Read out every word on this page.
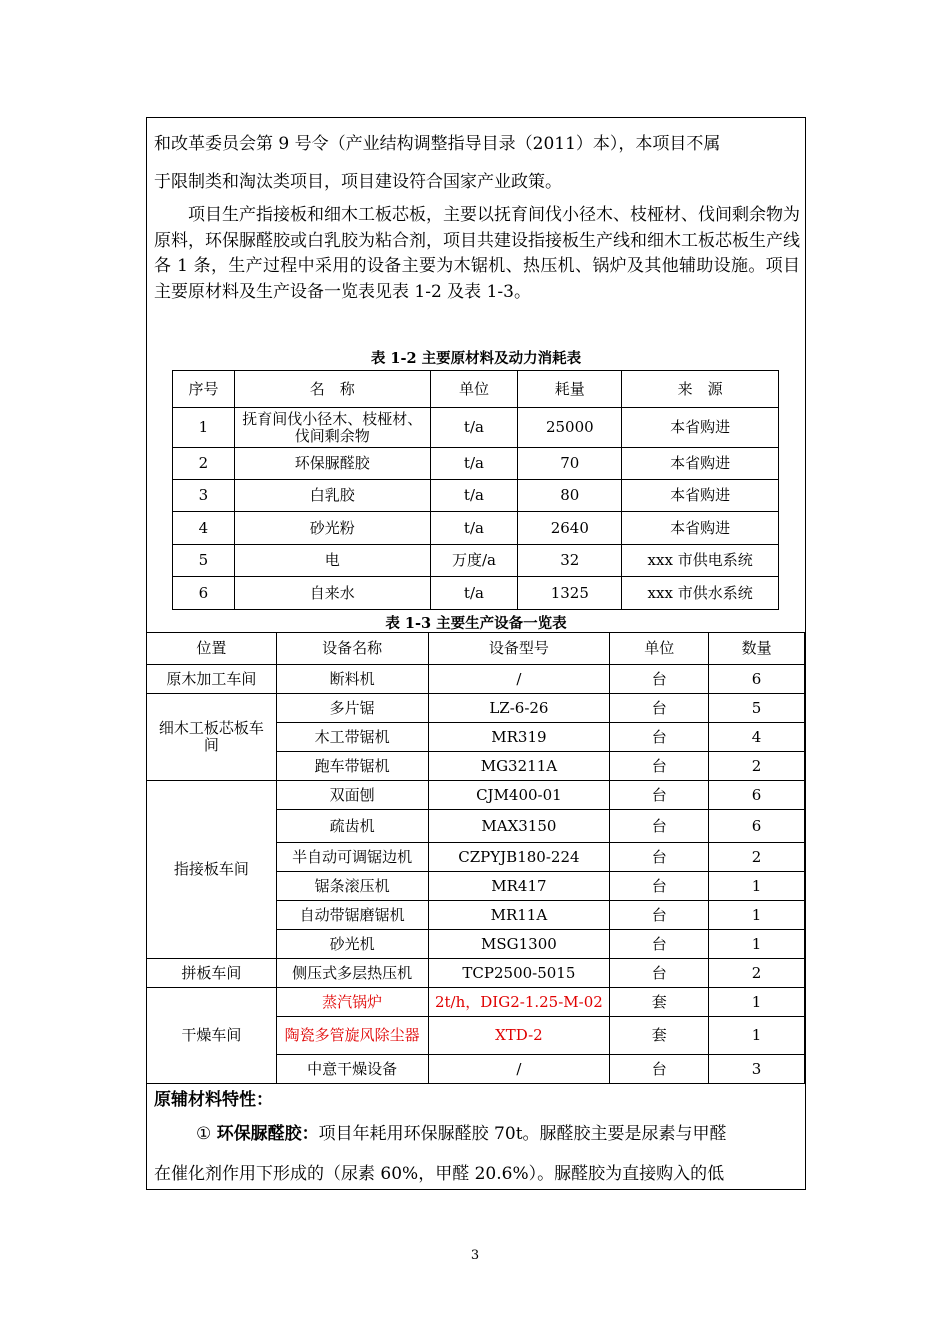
和改革委员会第 9 号令（产业结构调整指导目录（2011）本），本项目不属

于限制类和淘汰类项目，项目建设符合国家产业政策。

项目生产指接板和细木工板芯板，主要以抚育间伐小径木、枝桠材、伐间剩余物为原料，环保脲醛胶或白乳胶为粘合剂，项目共建设指接板生产线和细木工板芯板生产线各 1 条，生产过程中采用的设备主要为木锯机、热压机、锅炉及其他辅助设施。项目主要原材料及生产设备一览表见表 1-2 及表 1-3。

表 1-2 主要原材料及动力消耗表
序号	名　称	单位	耗量	来　源
1	抚育间伐小径木、枝桠材、伐间剩余物	t/a	25000	本省购进
2	环保脲醛胶	t/a	70	本省购进
3	白乳胶	t/a	80	本省购进
4	砂光粉	t/a	2640	本省购进
5	电	万度/a	32	xxx 市供电系统
6	自来水	t/a	1325	xxx 市供水系统
表 1-3 主要生产设备一览表
位置	设备名称	设备型号	单位	数量
原木加工车间	断料机	/	台	6
细木工板芯板车间	多片锯	LZ-6-26	台	5
	木工带锯机	MR319	台	4
	跑车带锯机	MG3211A	台	2
指接板车间	双面刨	CJM400-01	台	6
	疏齿机	MAX3150	台	6
	半自动可调锯边机	CZPYJB180-224	台	2
	锯条滚压机	MR417	台	1
	自动带锯磨锯机	MR11A	台	1
	砂光机	MSG1300	台	1
拼板车间	侧压式多层热压机	TCP2500-5015	台	2
干燥车间	蒸汽锅炉	2t/h，DIG2-1.25-M-02	套	1
	陶瓷多管旋风除尘器	XTD-2	套	1
	中意干燥设备	/	台	3
原辅材料特性：

① 环保脲醛胶：项目年耗用环保脲醛胶 70t。脲醛胶主要是尿素与甲醛

在催化剂作用下形成的（尿素 60%，甲醛 20.6%）。脲醛胶为直接购入的低

3
